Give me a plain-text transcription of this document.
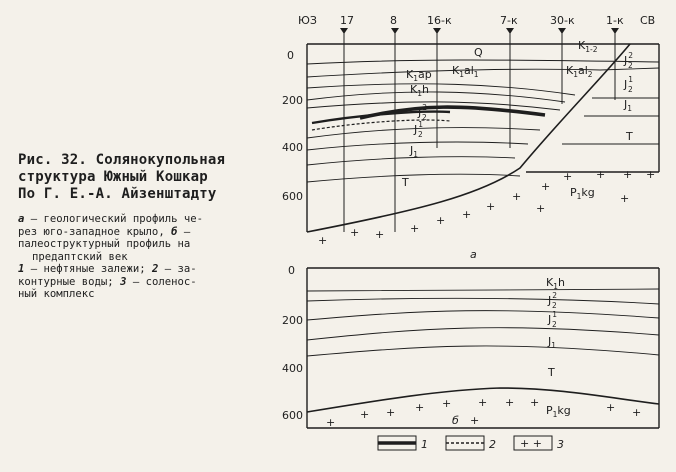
Рис. 32. Солянокупольная
структура Южный Кошкар
По Г. Е.-А. Айзенштадту
а — геологический профиль че-
рез юго-западное крыло, б —
палеоструктурный профиль на
предаптский век
1 — нефтяные залежи; 2 — за-
контурные воды; 3 — соленос-
ный комплекс
ЮЗ	СВ
17	8	16-к	7-к	30-к	1-к
0
200
400
600
Q
$K_1ap$ $K_1al_1$
$K_1h$
$J^2$ 2
$J^1$ 2
$J_1$
T
$K_1al_2$
$K_{1-2}$
$J^2$ 2
$J^1$ 2
$J_1$
T
$P_1kg$
+
+ + +
+ +
+
+
+
+ + + +
+
+
а
0
200
400
600
$K_1h$
$J^2$ 2
$J^1$ 2
$J_1$
T
$P_1kg$
+
+ + + + + + +	+ +
+
б
1	2 + + 3
